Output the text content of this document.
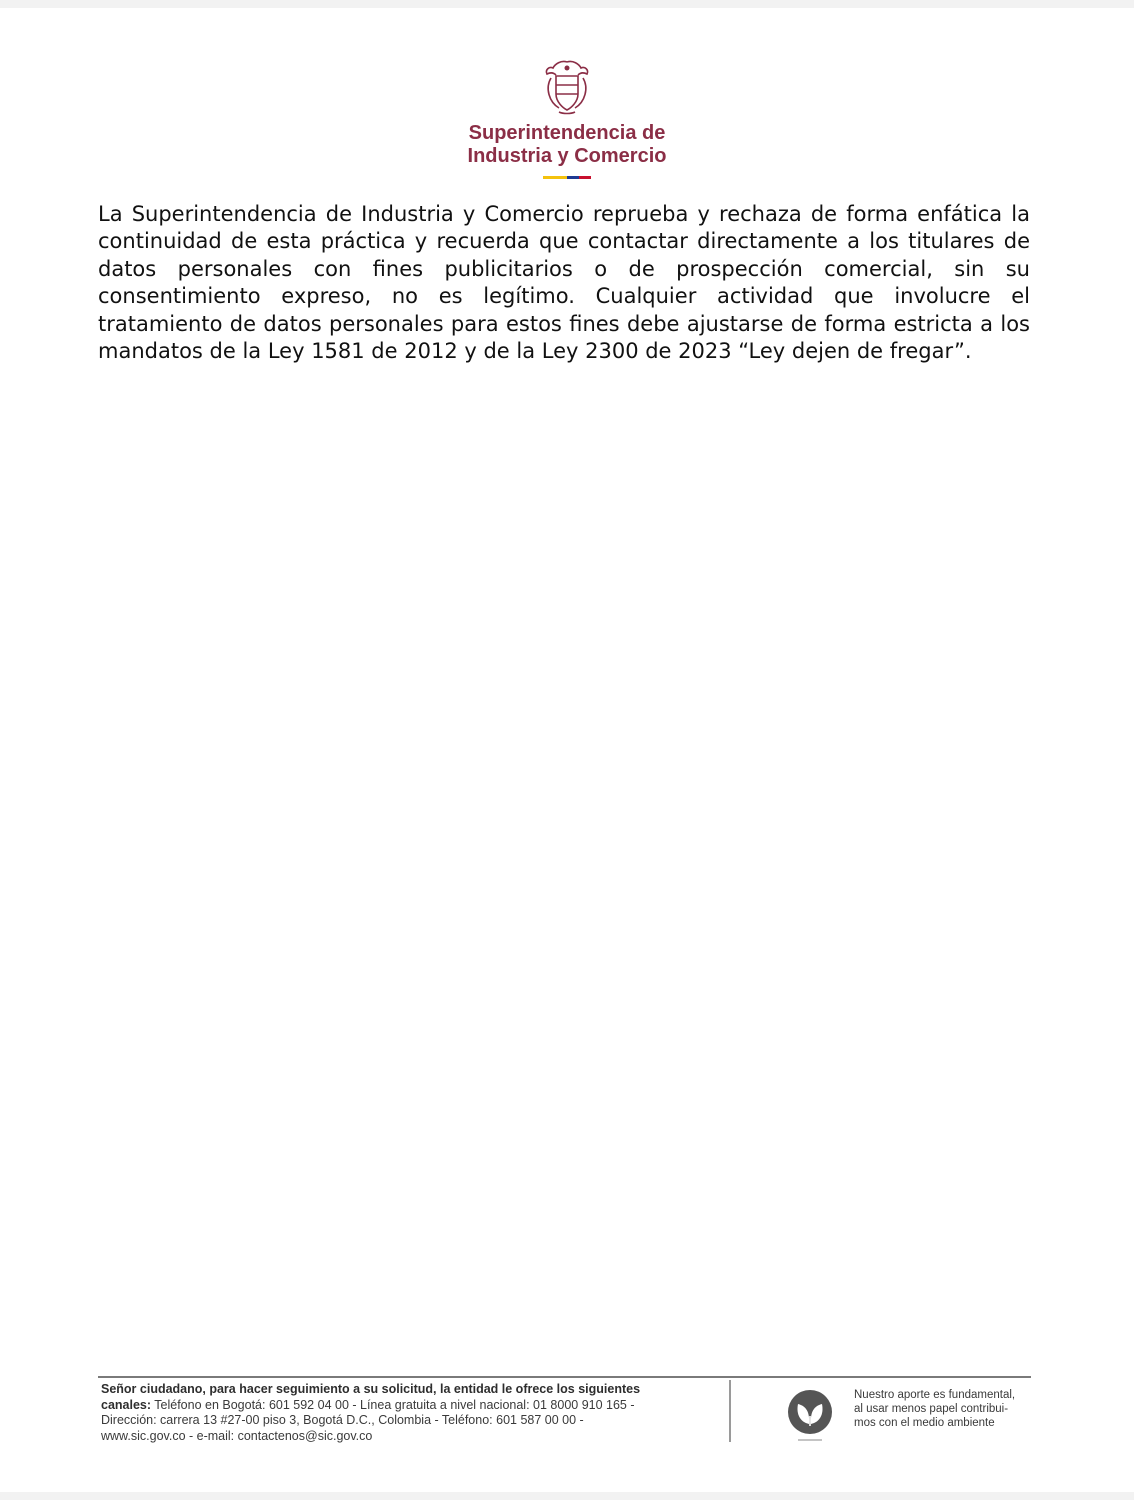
Superintendencia de
Industria y Comercio

La Superintendencia de Industria y Comercio reprueba y rechaza de forma enfática la continuidad de esta práctica y recuerda que contactar directamente a los titulares de datos personales con fines publicitarios o de prospección comercial, sin su consentimiento expreso, no es legítimo. Cualquier actividad que involucre el tratamiento de datos personales para estos fines debe ajustarse de forma estricta a los mandatos de la Ley 1581 de 2012 y de la Ley 2300 de 2023 “Ley dejen de fregar”.

Señor ciudadano, para hacer seguimiento a su solicitud, la entidad le ofrece los siguientes
canales: Teléfono en Bogotá: 601 592 04 00 - Línea gratuita a nivel nacional: 01 8000 910 165 -
Dirección: carrera 13 #27-00 piso 3, Bogotá D.C., Colombia - Teléfono: 601 587 00 00 -
www.sic.gov.co - e-mail: contactenos@sic.gov.co
Nuestro aporte es fundamental,
al usar menos papel contribui-
mos con el medio ambiente
